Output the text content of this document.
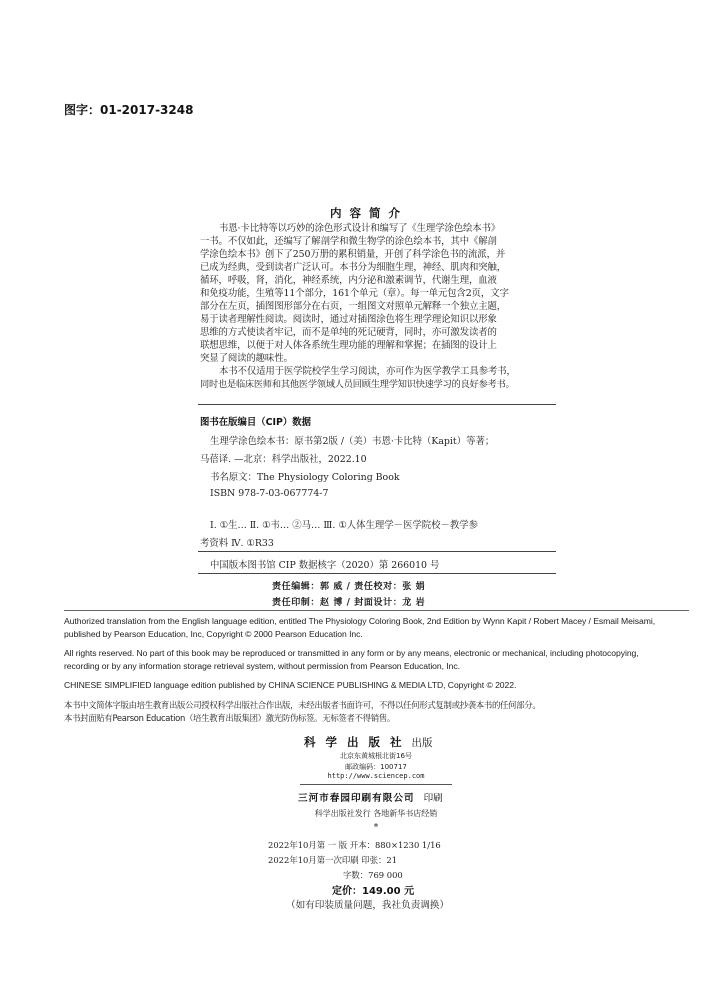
图字：01-2017-3248
内 容 简 介
韦恩·卡比特等以巧妙的涂色形式设计和编写了《生理学涂色绘本书》
一书。不仅如此，还编写了解剖学和微生物学的涂色绘本书，其中《解剖
学涂色绘本书》创下了250万册的累积销量，开创了科学涂色书的流派，并
已成为经典，受到读者广泛认可。本书分为细胞生理，神经、肌肉和突触，
循环，呼吸，肾，消化，神经系统，内分泌和激素调节，代谢生理，血液
和免疫功能，生殖等11个部分，161个单元（章）。每一单元包含2页，文字
部分在左页，插图图形部分在右页，一组图文对照单元解释一个独立主题，
易于读者理解性阅读。阅读时，通过对插图涂色将生理学理论知识以形象
思维的方式使读者牢记，而不是单纯的死记硬背，同时，亦可激发读者的
联想思维，以便于对人体各系统生理功能的理解和掌握；在插图的设计上
突显了阅读的趣味性。
本书不仅适用于医学院校学生学习阅读，亦可作为医学教学工具参考书，
同时也是临床医师和其他医学领域人员回顾生理学知识快速学习的良好参考书。
图书在版编目（CIP）数据
生理学涂色绘本书：原书第2版 /（美）韦恩·卡比特（Kapit）等著；
马蓓译. —北京：科学出版社，2022.10
书名原文：The Physiology Coloring Book
ISBN 978-7-03-067774-7
Ⅰ. ①生… Ⅱ. ①韦… ②马… Ⅲ. ①人体生理学－医学院校－教学参
考资料 Ⅳ. ①R33
中国版本图书馆 CIP 数据核字（2020）第 266010 号
责任编辑：郭 威 / 责任校对：张 娟
责任印制：赵 博 / 封面设计：龙 岩
Authorized translation from the English language edition, entitled The Physiology Coloring Book, 2nd Edition by Wynn Kapit / Robert Macey / Esmail Meisami,
published by Pearson Education, Inc, Copyright © 2000 Pearson Education Inc.
All rights reserved. No part of this book may be reproduced or transmitted in any form or by any means, electronic or mechanical, including photocopying,
recording or by any information storage retrieval system, without permission from Pearson Education, Inc.
CHINESE SIMPLIFIED language edition published by CHINA SCIENCE PUBLISHING & MEDIA LTD, Copyright © 2022.
本书中文简体字版由培生教育出版公司授权科学出版社合作出版，未经出版者书面许可，不得以任何形式复制或抄袭本书的任何部分。
本书封面贴有Pearson Education（培生教育出版集团）激光防伪标签。无标签者不得销售。
科 学 出 版 社 出版
北京东黄城根北街16号
邮政编码：100717
http://www.sciencep.com
三河市春园印刷有限公司 印刷
科学出版社发行 各地新华书店经销
*
2022年10月第 一 版 开本：880×1230 1/16
2022年10月第一次印刷 印张：21
字数：769 000
定价：149.00 元
（如有印装质量问题，我社负责调换）
